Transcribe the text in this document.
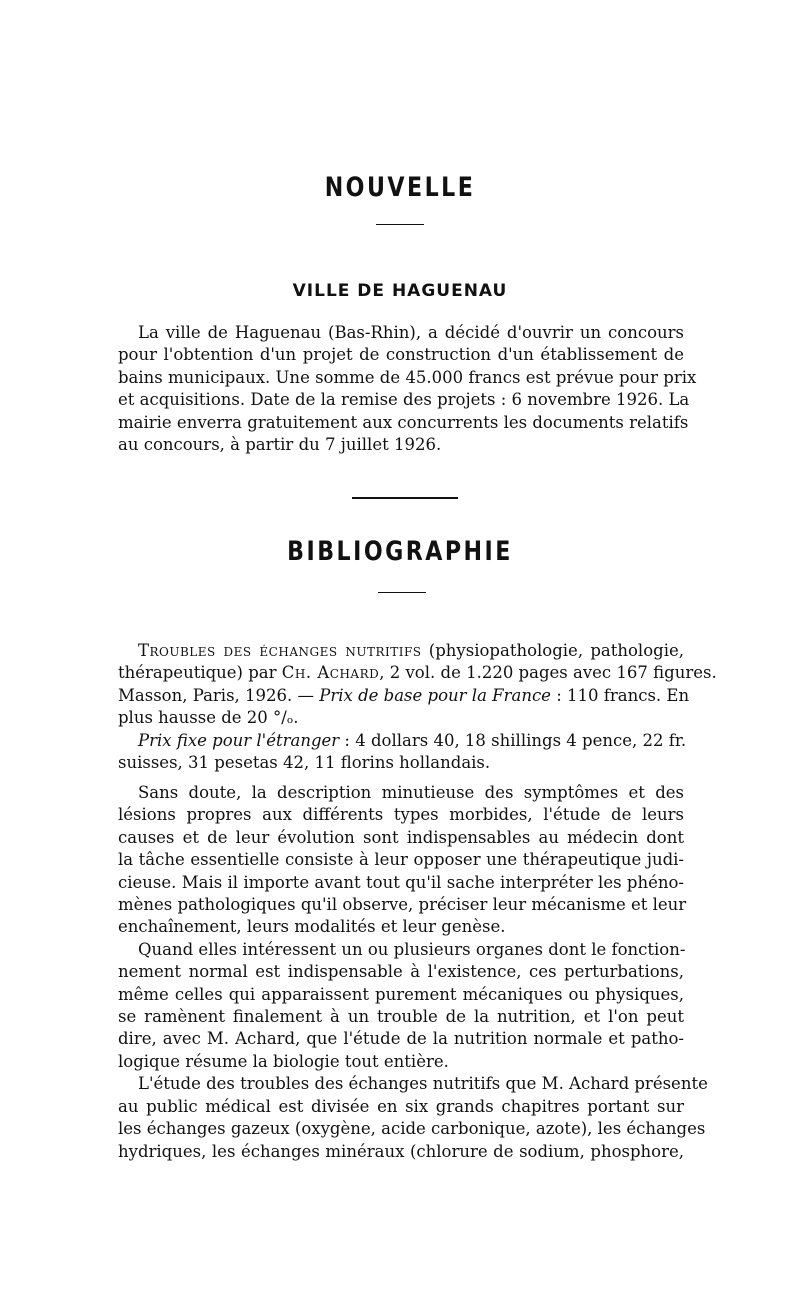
NOUVELLE
VILLE DE HAGUENAU
La ville de Haguenau (Bas-Rhin), a décidé d'ouvrir un concours
pour l'obtention d'un projet de construction d'un établissement de
bains municipaux. Une somme de 45.000 francs est prévue pour prix
et acquisitions. Date de la remise des projets : 6 novembre 1926. La
mairie enverra gratuitement aux concurrents les documents relatifs
au concours, à partir du 7 juillet 1926.
BIBLIOGRAPHIE
Troubles des échanges nutritifs (physiopathologie, pathologie,
thérapeutique) par Ch. Achard, 2 vol. de 1.220 pages avec 167 figures.
Masson, Paris, 1926. — Prix de base pour la France : 110 francs. En
plus hausse de 20 °/ₒ.
Prix fixe pour l'étranger : 4 dollars 40, 18 shillings 4 pence, 22 fr.
suisses, 31 pesetas 42, 11 florins hollandais.
Sans doute, la description minutieuse des symptômes et des
lésions propres aux différents types morbides, l'étude de leurs
causes et de leur évolution sont indispensables au médecin dont
la tâche essentielle consiste à leur opposer une thérapeutique judi-
cieuse. Mais il importe avant tout qu'il sache interpréter les phéno-
mènes pathologiques qu'il observe, préciser leur mécanisme et leur
enchaînement, leurs modalités et leur genèse.
Quand elles intéressent un ou plusieurs organes dont le fonction-
nement normal est indispensable à l'existence, ces perturbations,
même celles qui apparaissent purement mécaniques ou physiques,
se ramènent finalement à un trouble de la nutrition, et l'on peut
dire, avec M. Achard, que l'étude de la nutrition normale et patho-
logique résume la biologie tout entière.
L'étude des troubles des échanges nutritifs que M. Achard présente
au public médical est divisée en six grands chapitres portant sur
les échanges gazeux (oxygène, acide carbonique, azote), les échanges
hydriques, les échanges minéraux (chlorure de sodium, phosphore,
